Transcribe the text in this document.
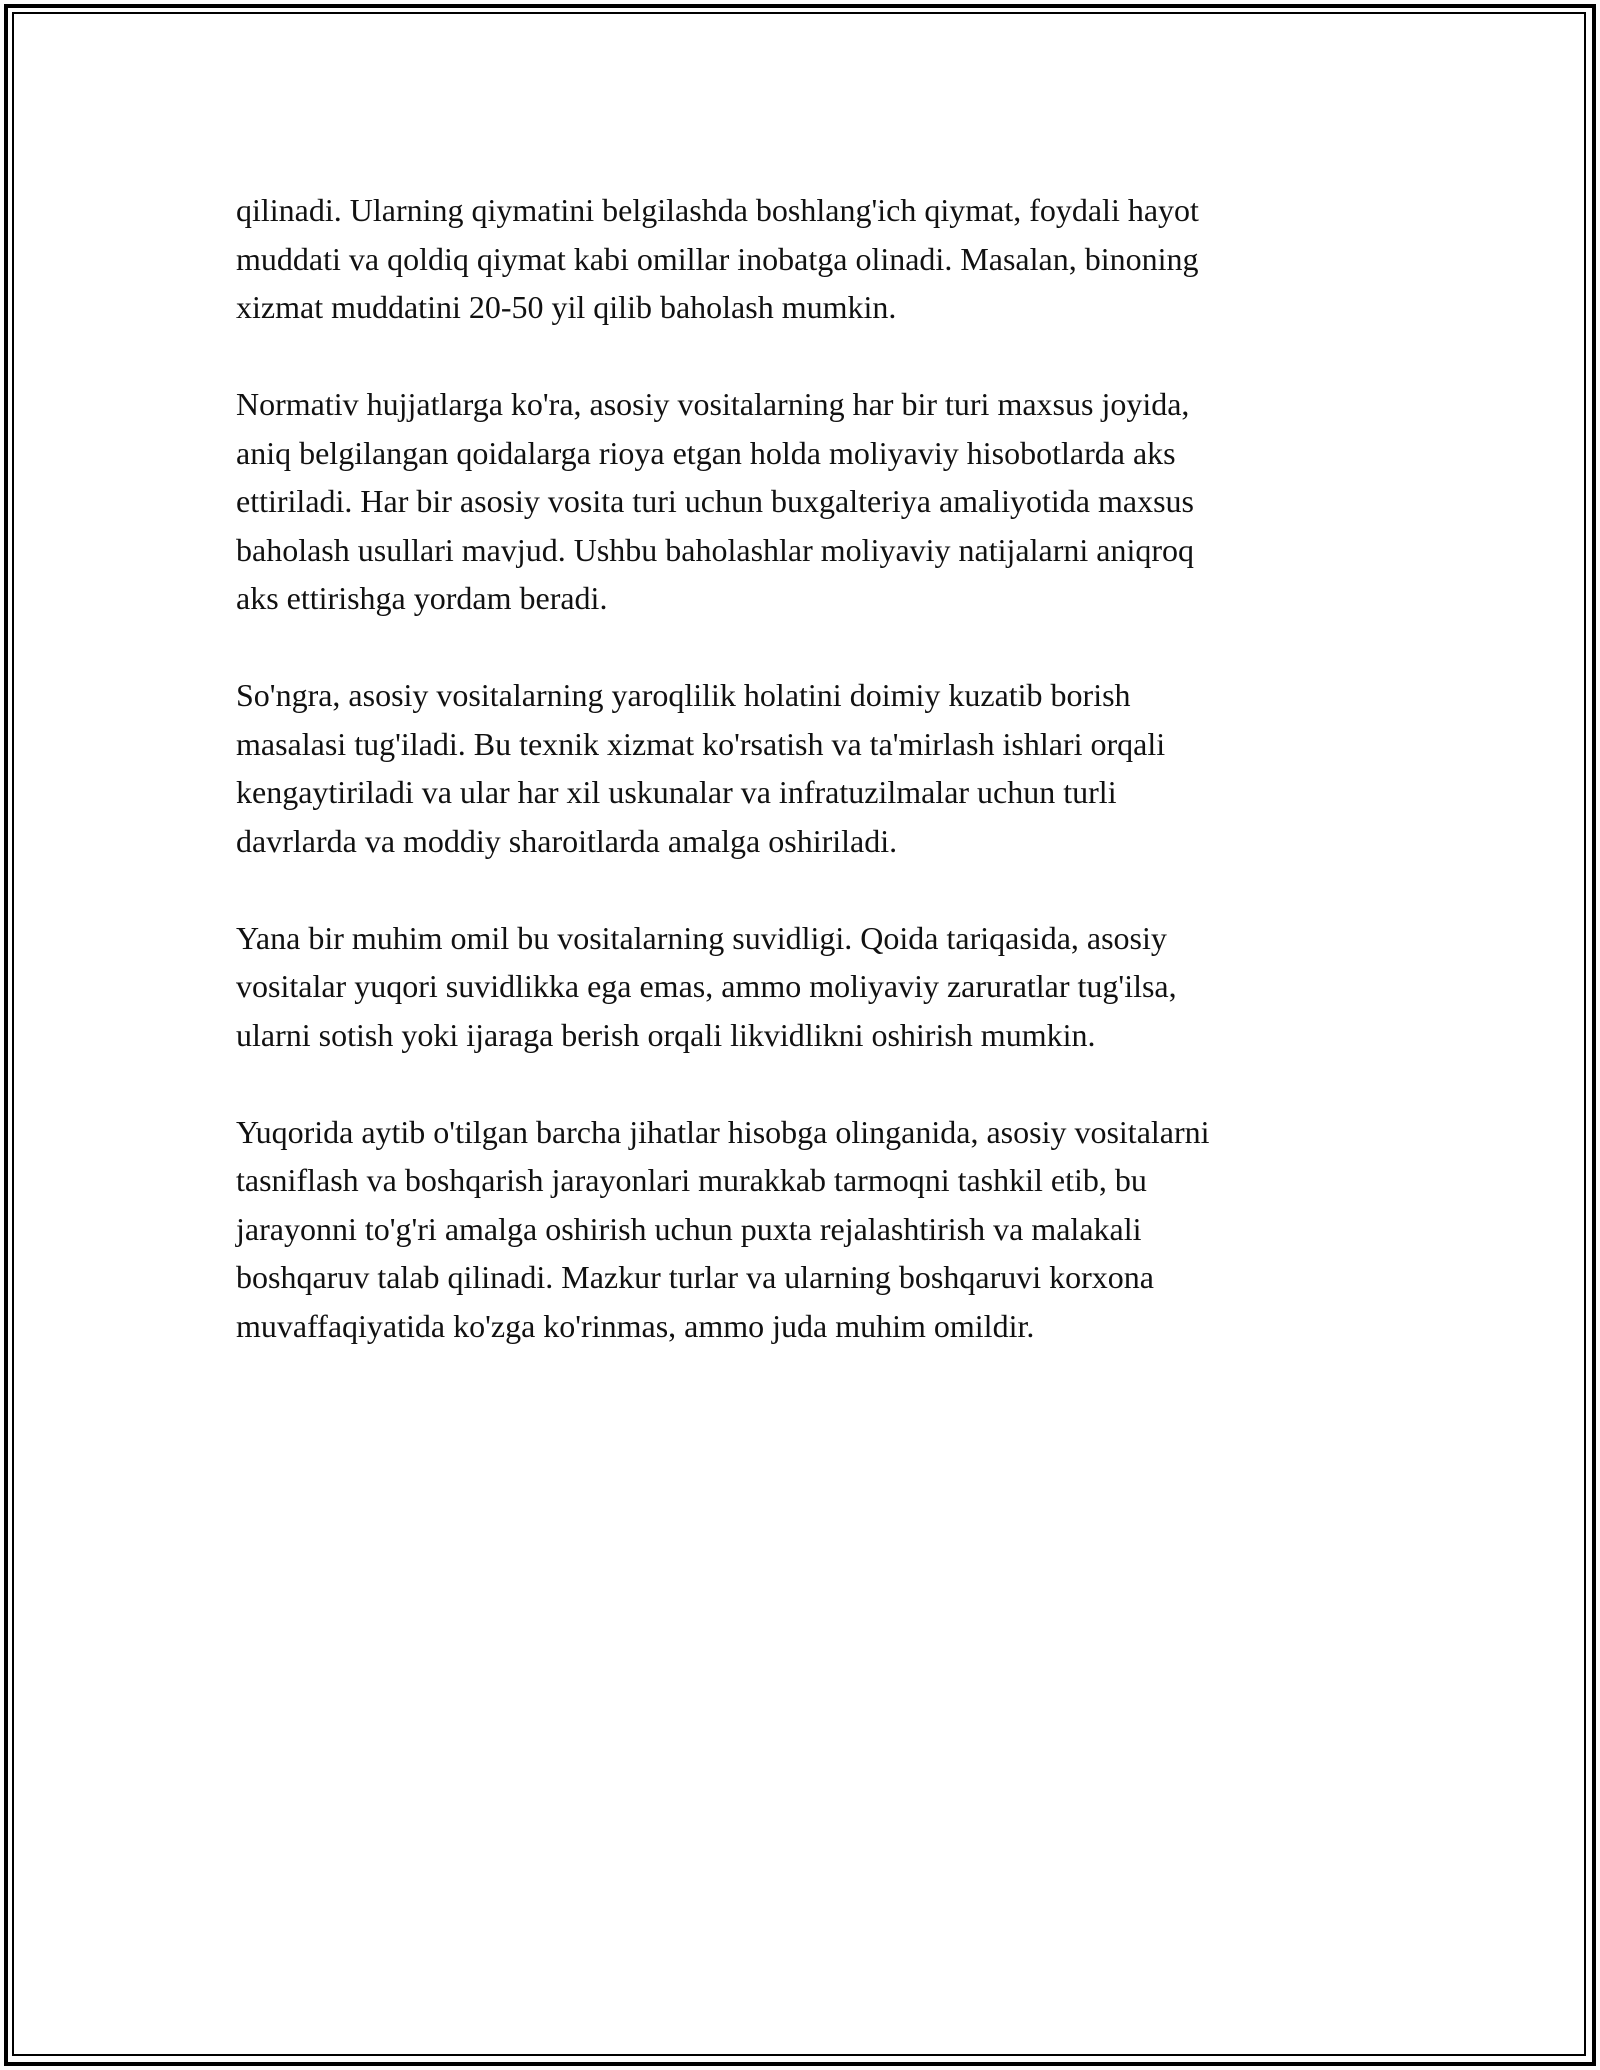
qilinadi. Ularning qiymatini belgilashda boshlang'ich qiymat, foydali hayot
muddati va qoldiq qiymat kabi omillar inobatga olinadi. Masalan, binoning
xizmat muddatini 20-50 yil qilib baholash mumkin.

Normativ hujjatlarga ko'ra, asosiy vositalarning har bir turi maxsus joyida,
aniq belgilangan qoidalarga rioya etgan holda moliyaviy hisobotlarda aks
ettiriladi. Har bir asosiy vosita turi uchun buxgalteriya amaliyotida maxsus
baholash usullari mavjud. Ushbu baholashlar moliyaviy natijalarni aniqroq
aks ettirishga yordam beradi.

So'ngra, asosiy vositalarning yaroqlilik holatini doimiy kuzatib borish
masalasi tug'iladi. Bu texnik xizmat ko'rsatish va ta'mirlash ishlari orqali
kengaytiriladi va ular har xil uskunalar va infratuzilmalar uchun turli
davrlarda va moddiy sharoitlarda amalga oshiriladi.

Yana bir muhim omil bu vositalarning suvidligi. Qoida tariqasida, asosiy
vositalar yuqori suvidlikka ega emas, ammo moliyaviy zaruratlar tug'ilsa,
ularni sotish yoki ijaraga berish orqali likvidlikni oshirish mumkin.

Yuqorida aytib o'tilgan barcha jihatlar hisobga olinganida, asosiy vositalarni
tasniflash va boshqarish jarayonlari murakkab tarmoqni tashkil etib, bu
jarayonni to'g'ri amalga oshirish uchun puxta rejalashtirish va malakali
boshqaruv talab qilinadi. Mazkur turlar va ularning boshqaruvi korxona
muvaffaqiyatida ko'zga ko'rinmas, ammo juda muhim omildir.
